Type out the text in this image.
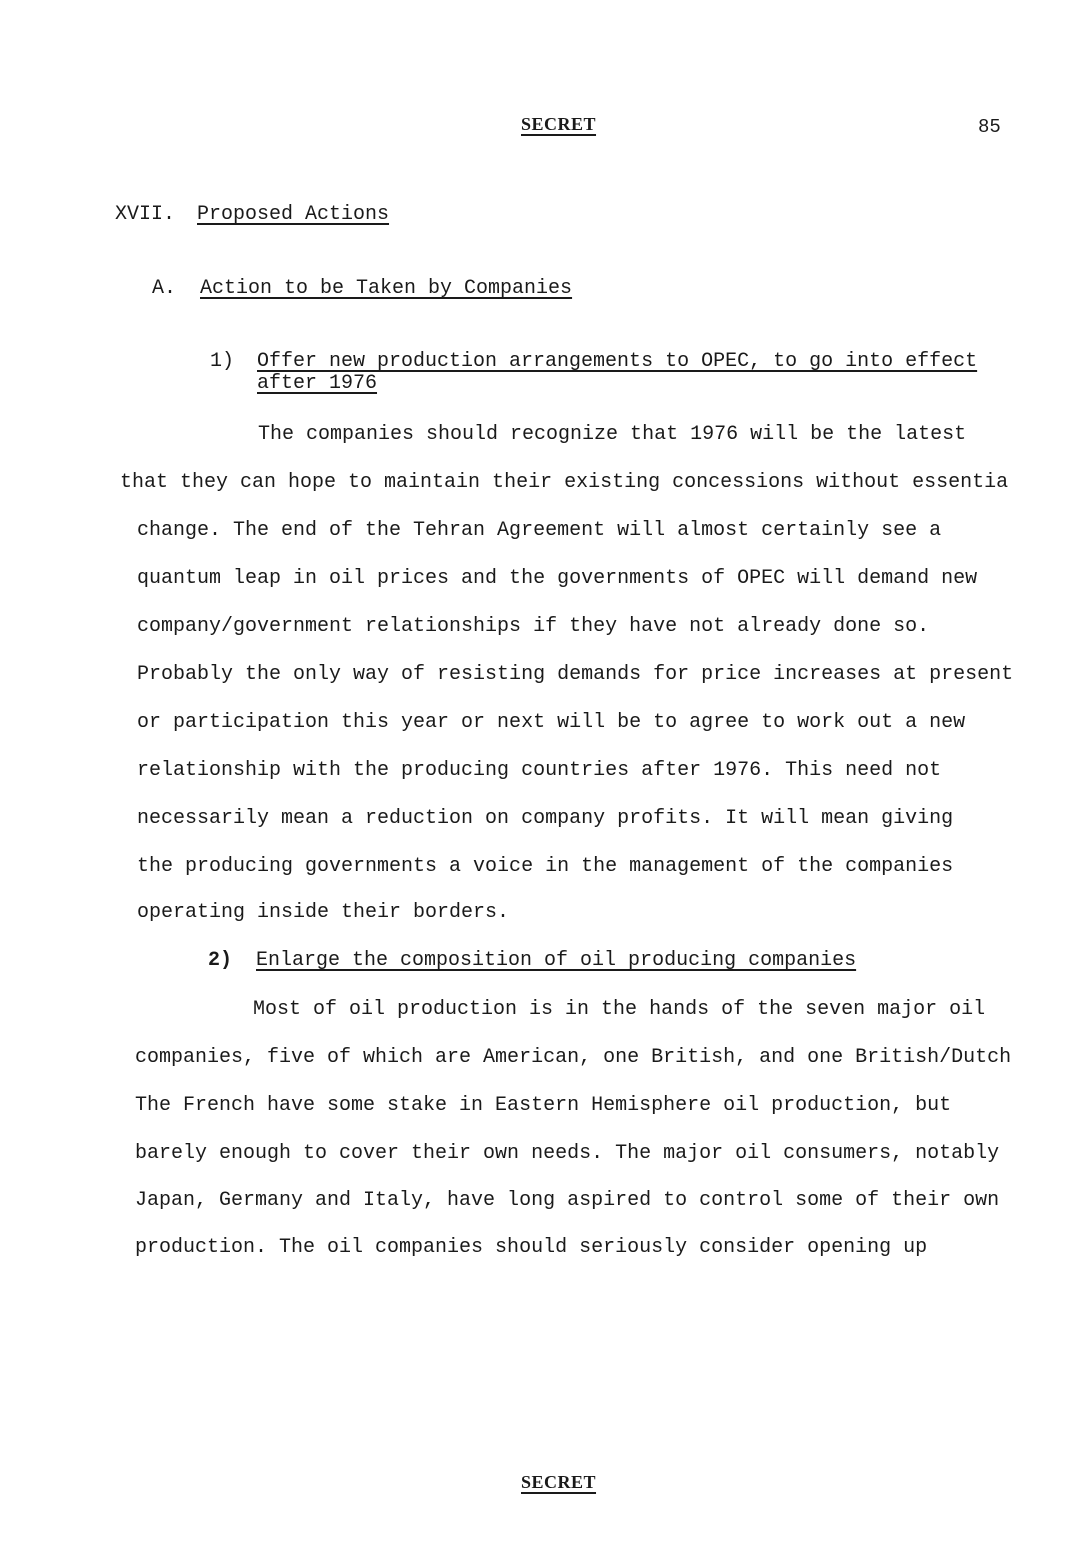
SECRET	85
XVII. Proposed Actions
A. Action to be Taken by Companies
1) Offer new production arrangements to OPEC, to go into effect
after 1976
The companies should recognize that 1976 will be the latest
that they can hope to maintain their existing concessions without essentia
change. The end of the Tehran Agreement will almost certainly see a
quantum leap in oil prices and the governments of OPEC will demand new
company/government relationships if they have not already done so.
Probably the only way of resisting demands for price increases at present
or participation this year or next will be to agree to work out a new
relationship with the producing countries after 1976. This need not
necessarily mean a reduction on company profits. It will mean giving
the producing governments a voice in the management of the companies
operating inside their borders.
2) Enlarge the composition of oil producing companies
Most of oil production is in the hands of the seven major oil
companies, five of which are American, one British, and one British/Dutch
The French have some stake in Eastern Hemisphere oil production, but
barely enough to cover their own needs. The major oil consumers, notably
Japan, Germany and Italy, have long aspired to control some of their own
production. The oil companies should seriously consider opening up
SECRET
